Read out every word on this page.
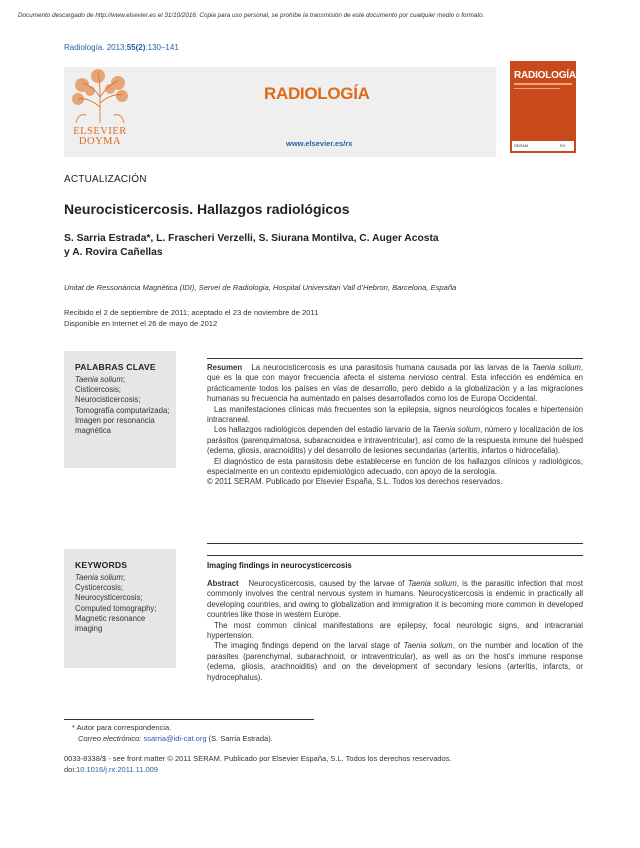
Documento descargado de http://www.elsevier.es el 31/10/2016. Copia para uso personal, se prohíbe la transmisión de este documento por cualquier medio o formato.
Radiología. 2013;55(2):130–141
ELSEVIER
DOYMA
RADIOLOGÍA
www.elsevier.es/rx
RADIOLOGÍA
SERAM	RX
ACTUALIZACIÓN
Neurocisticercosis. Hallazgos radiológicos
S. Sarria Estrada*, L. Frascheri Verzelli, S. Siurana Montilva, C. Auger Acosta
y A. Rovira Cañellas
Unitat de Ressonància Magnètica (IDI), Servei de Radiologia, Hospital Universitari Vall d’Hebron, Barcelona, España
Recibido el 2 de septiembre de 2011; aceptado el 23 de noviembre de 2011
Disponible en Internet el 26 de mayo de 2012
PALABRAS CLAVE
Taenia solium;
Cisticercosis;
Neurocisticercosis;
Tomografía computarizada;
Imagen por resonancia magnética

Resumen La neurocisticercosis es una parasitosis humana causada por las larvas de la Taenia solium, que es la que con mayor frecuencia afecta el sistema nervioso central. Esta infección es endémica en prácticamente todos los países en vías de desarrollo, pero debido a la globalización y a las migraciones humanas su frecuencia ha aumentado en países desarrollados como los de Europa Occidental.

Las manifestaciones clínicas más frecuentes son la epilepsia, signos neurológicos focales e hipertensión intracraneal.

Los hallazgos radiológicos dependen del estadio larvario de la Taenia solium, número y localización de los parásitos (parenquimatosa, subaracnoidea e intraventricular), así como de la respuesta inmune del huésped (edema, gliosis, aracnoiditis) y del desarrollo de lesiones secundarias (arteritis, infartos o hidrocefalia).

El diagnóstico de esta parasitosis debe establecerse en función de los hallazgos clínicos y radiológicos, especialmente en un contexto epidemiológico adecuado, con apoyo de la serología.

© 2011 SERAM. Publicado por Elsevier España, S.L. Todos los derechos reservados.

KEYWORDS
Taenia solium;
Cysticercosis;
Neurocysticercosis;
Computed tomography;
Magnetic resonance imaging
Imaging findings in neurocysticercosis

Abstract Neurocysticercosis, caused by the larvae of Taenia solium, is the parasitic infection that most commonly involves the central nervous system in humans. Neurocysticercosis is endemic in practically all developing countries, and owing to globalization and immigration it is becoming more common in developed countries like those in western Europe.

The most common clinical manifestations are epilepsy, focal neurologic signs, and intracranial hypertension.

The imaging findings depend on the larval stage of Taenia solium, on the number and location of the parasites (parenchymal, subarachnoid, or intraventricular), as well as on the host’s immune response (edema, gliosis, arachnoiditis) and on the development of secondary lesions (arteritis, infarcts, or hydrocephalus).

* Autor para correspondencia.
Correo electrónico: ssarria@idi-cat.org (S. Sarria Estrada).
0033-8338/$ - see front matter © 2011 SERAM. Publicado por Elsevier España, S.L. Todos los derechos reservados.
doi:10.1016/j.rx.2011.11.009
